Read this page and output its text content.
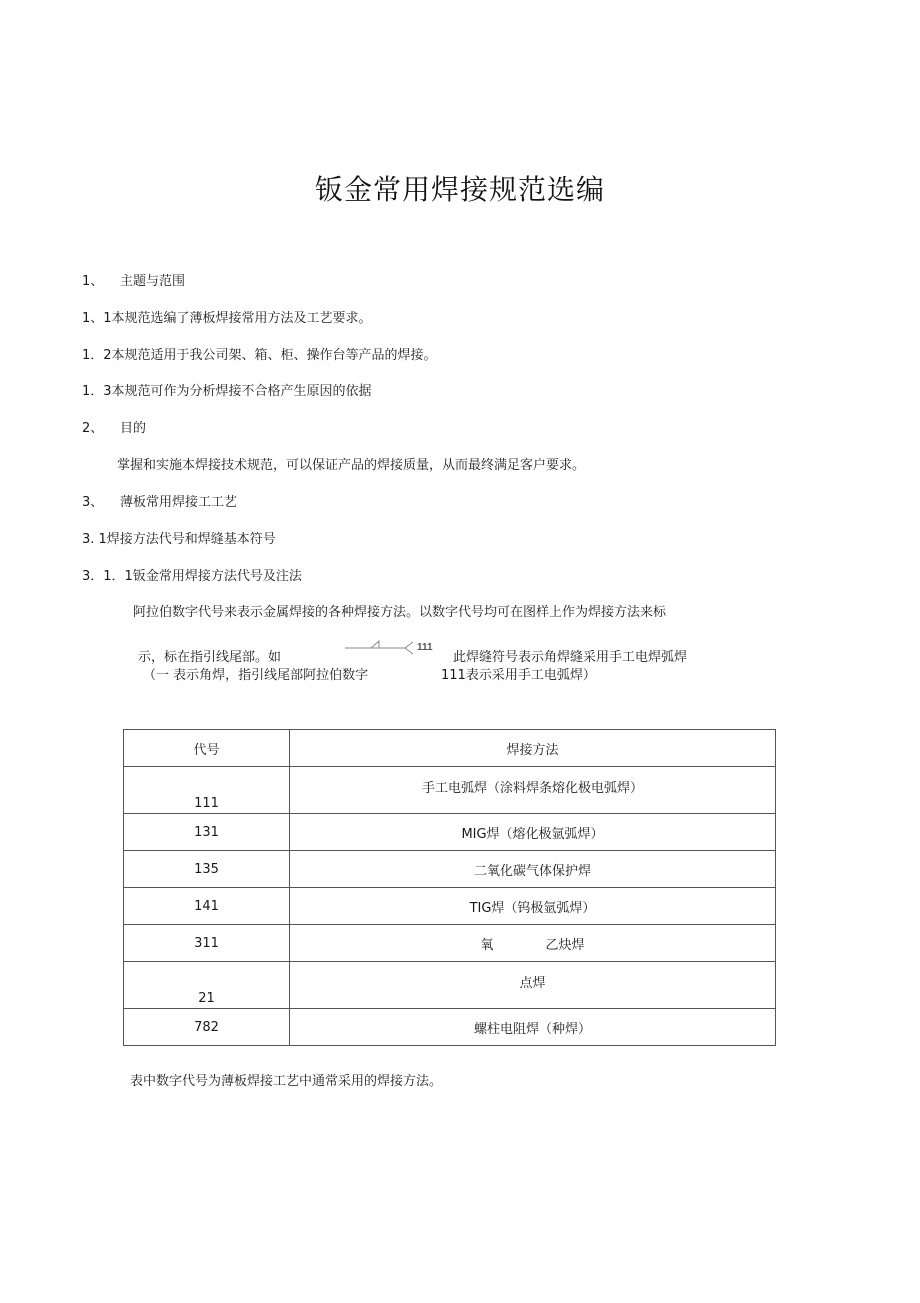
钣金常用焊接规范选编
1、 主题与范围
1、1本规范选编了薄板焊接常用方法及工艺要求。
1．2本规范适用于我公司架、箱、柜、操作台等产品的焊接。
1．3本规范可作为分析焊接不合格产生原因的依据
2、 目的
掌握和实施本焊接技术规范，可以保证产品的焊接质量，从而最终满足客户要求。
3、 薄板常用焊接工工艺
3. 1焊接方法代号和焊缝基本符号
3．1．1钣金常用焊接方法代号及注法
阿拉伯数字代号来表示金属焊接的各种焊接方法。以数字代号均可在图样上作为焊接方法来标
示，标在指引线尾部。如
111
此焊缝符号表示角焊缝采用手工电焊弧焊
（一 表示角焊，指引线尾部阿拉伯数字	111表示采用手工电弧焊）
代号	焊接方法
111	手工电弧焊（涂料焊条熔化极电弧焊）
131	MIG焊（熔化极氩弧焊）
135	二氧化碳气体保护焊
141	TIG焊（钨极氩弧焊）
311	氧 乙炔焊
21	点焊
782	螺柱电阻焊（种焊）
表中数字代号为薄板焊接工艺中通常采用的焊接方法。
